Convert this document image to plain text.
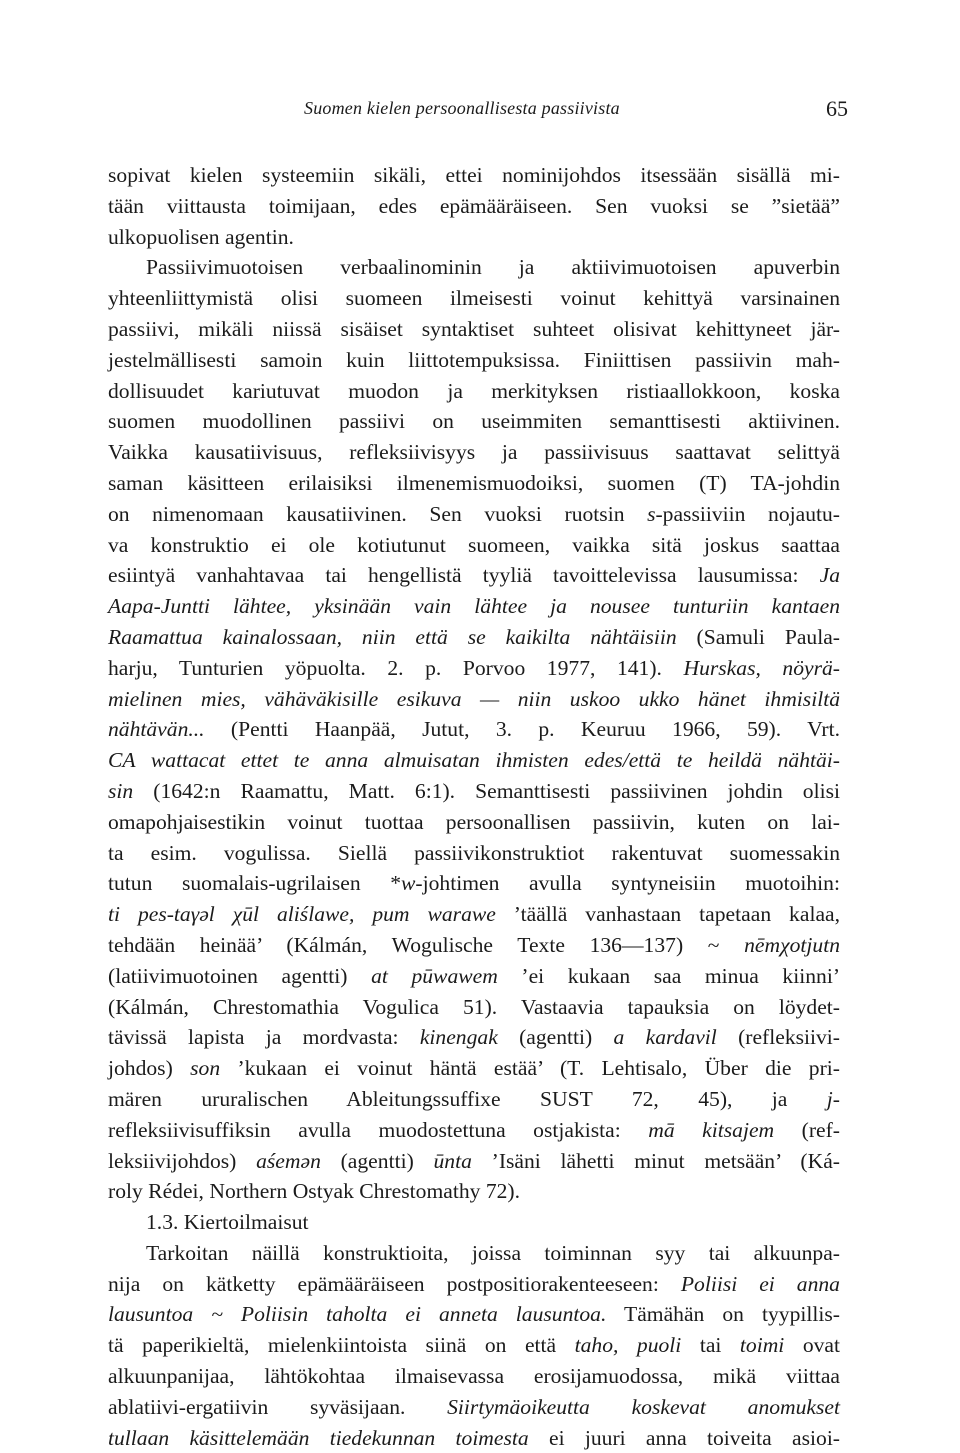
Suomen kielen persoonallisesta passiivista	65
sopivat kielen systeemiin sikäli, ettei nominijohdos itsessään sisällä mi-
tään viittausta toimijaan, edes epämääräiseen. Sen vuoksi se ”sietää”
ulkopuolisen agentin.
Passiivimuotoisen verbaalinominin ja aktiivimuotoisen apuverbin
yhteenliittymistä olisi suomeen ilmeisesti voinut kehittyä varsinainen
passiivi, mikäli niissä sisäiset syntaktiset suhteet olisivat kehittyneet jär-
jestelmällisesti samoin kuin liittotempuksissa. Finiittisen passiivin mah-
dollisuudet kariutuvat muodon ja merkityksen ristiaallokkoon, koska
suomen muodollinen passiivi on useimmiten semanttisesti aktiivinen.
Vaikka kausatiivisuus, refleksiivisyys ja passiivisuus saattavat selittyä
saman käsitteen erilaisiksi ilmenemismuodoiksi, suomen (T) TA-johdin
on nimenomaan kausatiivinen. Sen vuoksi ruotsin s-passiiviin nojautu-
va konstruktio ei ole kotiutunut suomeen, vaikka sitä joskus saattaa
esiintyä vanhahtavaa tai hengellistä tyyliä tavoittelevissa lausumissa: Ja
Aapa-Juntti lähtee, yksinään vain lähtee ja nousee tunturiin kantaen
Raamattua kainalossaan, niin että se kaikilta nähtäisiin (Samuli Paula-
harju, Tunturien yöpuolta. 2. p. Porvoo 1977, 141). Hurskas, nöyrä-
mielinen mies, vähäväkisille esikuva — niin uskoo ukko hänet ihmisiltä
nähtävän... (Pentti Haanpää, Jutut, 3. p. Keuruu 1966, 59). Vrt.
CA wattacat ettet te anna almuisatan ihmisten edes/että te heildä nähtäi-
sin (1642:n Raamattu, Matt. 6:1). Semanttisesti passiivinen johdin olisi
omapohjaisestikin voinut tuottaa persoonallisen passiivin, kuten on lai-
ta esim. vogulissa. Siellä passiivikonstruktiot rakentuvat suomessakin
tutun suomalais-ugrilaisen *w-johtimen avulla syntyneisiin muotoihin:
ti pes-taγəl χūl aliślawe, pum warawe ’täällä vanhastaan tapetaan kalaa,
tehdään heinää’ (Kálmán, Wogulische Texte 136—137) ~ nēmχotjutn
(latiivimuotoinen agentti) at pūwawem ’ei kukaan saa minua kiinni’
(Kálmán, Chrestomathia Vogulica 51). Vastaavia tapauksia on löydet-
tävissä lapista ja mordvasta: kinengak (agentti) a kardavil (refleksiivi-
johdos) son ’kukaan ei voinut häntä estää’ (T. Lehtisalo, Über die pri-
mären ururalischen Ableitungssuffixe SUST 72, 45), ja j-
refleksiivisuffiksin avulla muodostettuna ostjakista: mā kitsajem (ref-
leksiivijohdos) aśemən (agentti) ūnta ’Isäni lähetti minut metsään’ (Ká-
roly Rédei, Northern Ostyak Chrestomathy 72).
1.3. Kiertoilmaisut
Tarkoitan näillä konstruktioita, joissa toiminnan syy tai alkuunpa-
nija on kätketty epämääräiseen postpositiorakenteeseen: Poliisi ei anna
lausuntoa ~ Poliisin taholta ei anneta lausuntoa. Tämähän on tyypillis-
tä paperikieltä, mielenkiintoista siinä on että taho, puoli tai toimi ovat
alkuunpanijaa, lähtökohtaa ilmaisevassa erosijamuodossa, mikä viittaa
ablatiivi-ergatiivin syväsijaan. Siirtymäoikeutta koskevat anomukset
tullaan käsittelemään tiedekunnan toimesta ei juuri anna toiveita asioi-
